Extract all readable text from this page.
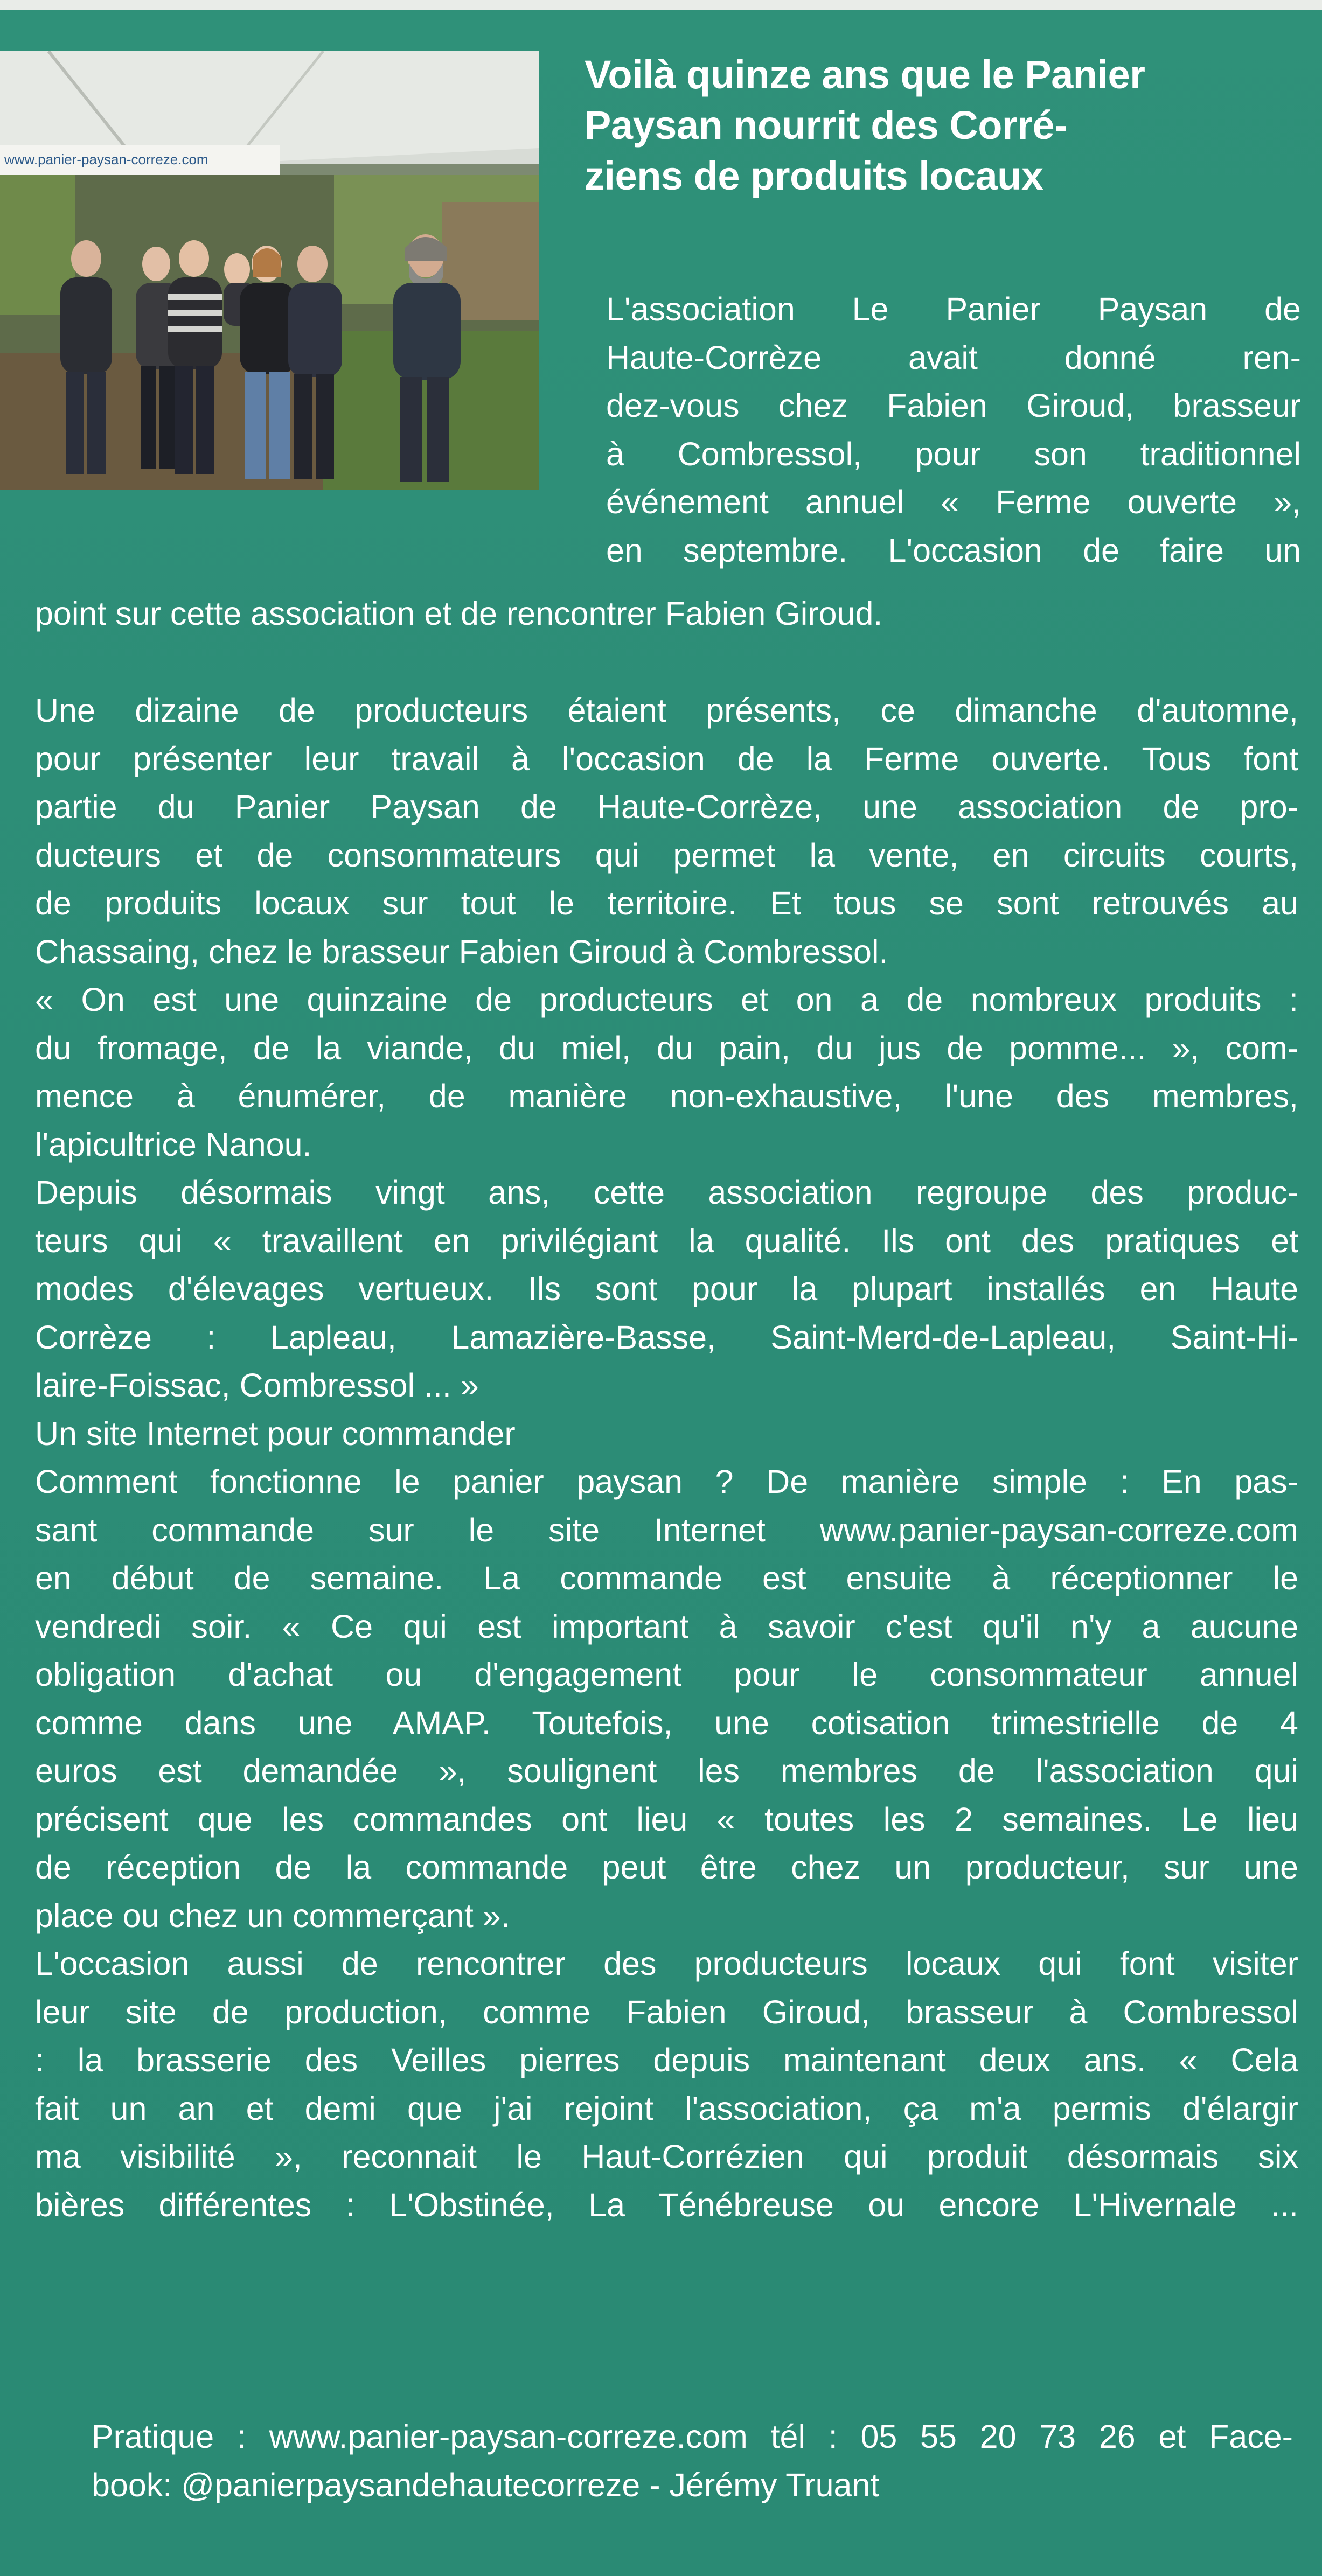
www.panier-paysan-correze.com
Voilà quinze ans que le Panier
Paysan nourrit des Corré-
ziens de produits locaux
L'association Le Panier Paysan de
Haute-Corrèze avait donné ren-
dez-vous chez Fabien Giroud, brasseur
à Combressol, pour son traditionnel
événement annuel « Ferme ouverte »,
en septembre. L'occasion de faire un
point sur cette association et de rencontrer Fabien Giroud.
Une dizaine de producteurs étaient présents, ce dimanche d'automne,
pour présenter leur travail à l'occasion de la Ferme ouverte. Tous font
partie du Panier Paysan de Haute-Corrèze, une association de pro-
ducteurs et de consommateurs qui permet la vente, en circuits courts,
de produits locaux sur tout le territoire. Et tous se sont retrouvés au
Chassaing, chez le brasseur Fabien Giroud à Combressol.
« On est une quinzaine de producteurs et on a de nombreux produits :
du fromage, de la viande, du miel, du pain, du jus de pomme... », com-
mence à énumérer, de manière non-exhaustive, l'une des membres,
l'apicultrice Nanou.
Depuis désormais vingt ans, cette association regroupe des produc-
teurs qui « travaillent en privilégiant la qualité. Ils ont des pratiques et
modes d'élevages vertueux. Ils sont pour la plupart installés en Haute
Corrèze : Lapleau, Lamazière-Basse, Saint-Merd-de-Lapleau, Saint-Hi-
laire-Foissac, Combressol ... »
Un site Internet pour commander
Comment fonctionne le panier paysan ? De manière simple : En pas-
sant commande sur le site Internet www.panier-paysan-correze.com
en début de semaine. La commande est ensuite à réceptionner le
vendredi soir. « Ce qui est important à savoir c'est qu'il n'y a aucune
obligation d'achat ou d'engagement pour le consommateur annuel
comme dans une AMAP. Toutefois, une cotisation trimestrielle de 4
euros est demandée », soulignent les membres de l'association qui
précisent que les commandes ont lieu « toutes les 2 semaines. Le lieu
de réception de la commande peut être chez un producteur, sur une
place ou chez un commerçant ».
L'occasion aussi de rencontrer des producteurs locaux qui font visiter
leur site de production, comme Fabien Giroud, brasseur à Combressol
: la brasserie des Veilles pierres depuis maintenant deux ans. « Cela
fait un an et demi que j'ai rejoint l'association, ça m'a permis d'élargir
ma visibilité », reconnait le Haut-Corrézien qui produit désormais six
bières différentes : L'Obstinée, La Ténébreuse ou encore L'Hivernale ...
Pratique : www.panier-paysan-correze.com tél : 05 55 20 73 26 et Face-
book: @panierpaysandehautecorreze - Jérémy Truant
